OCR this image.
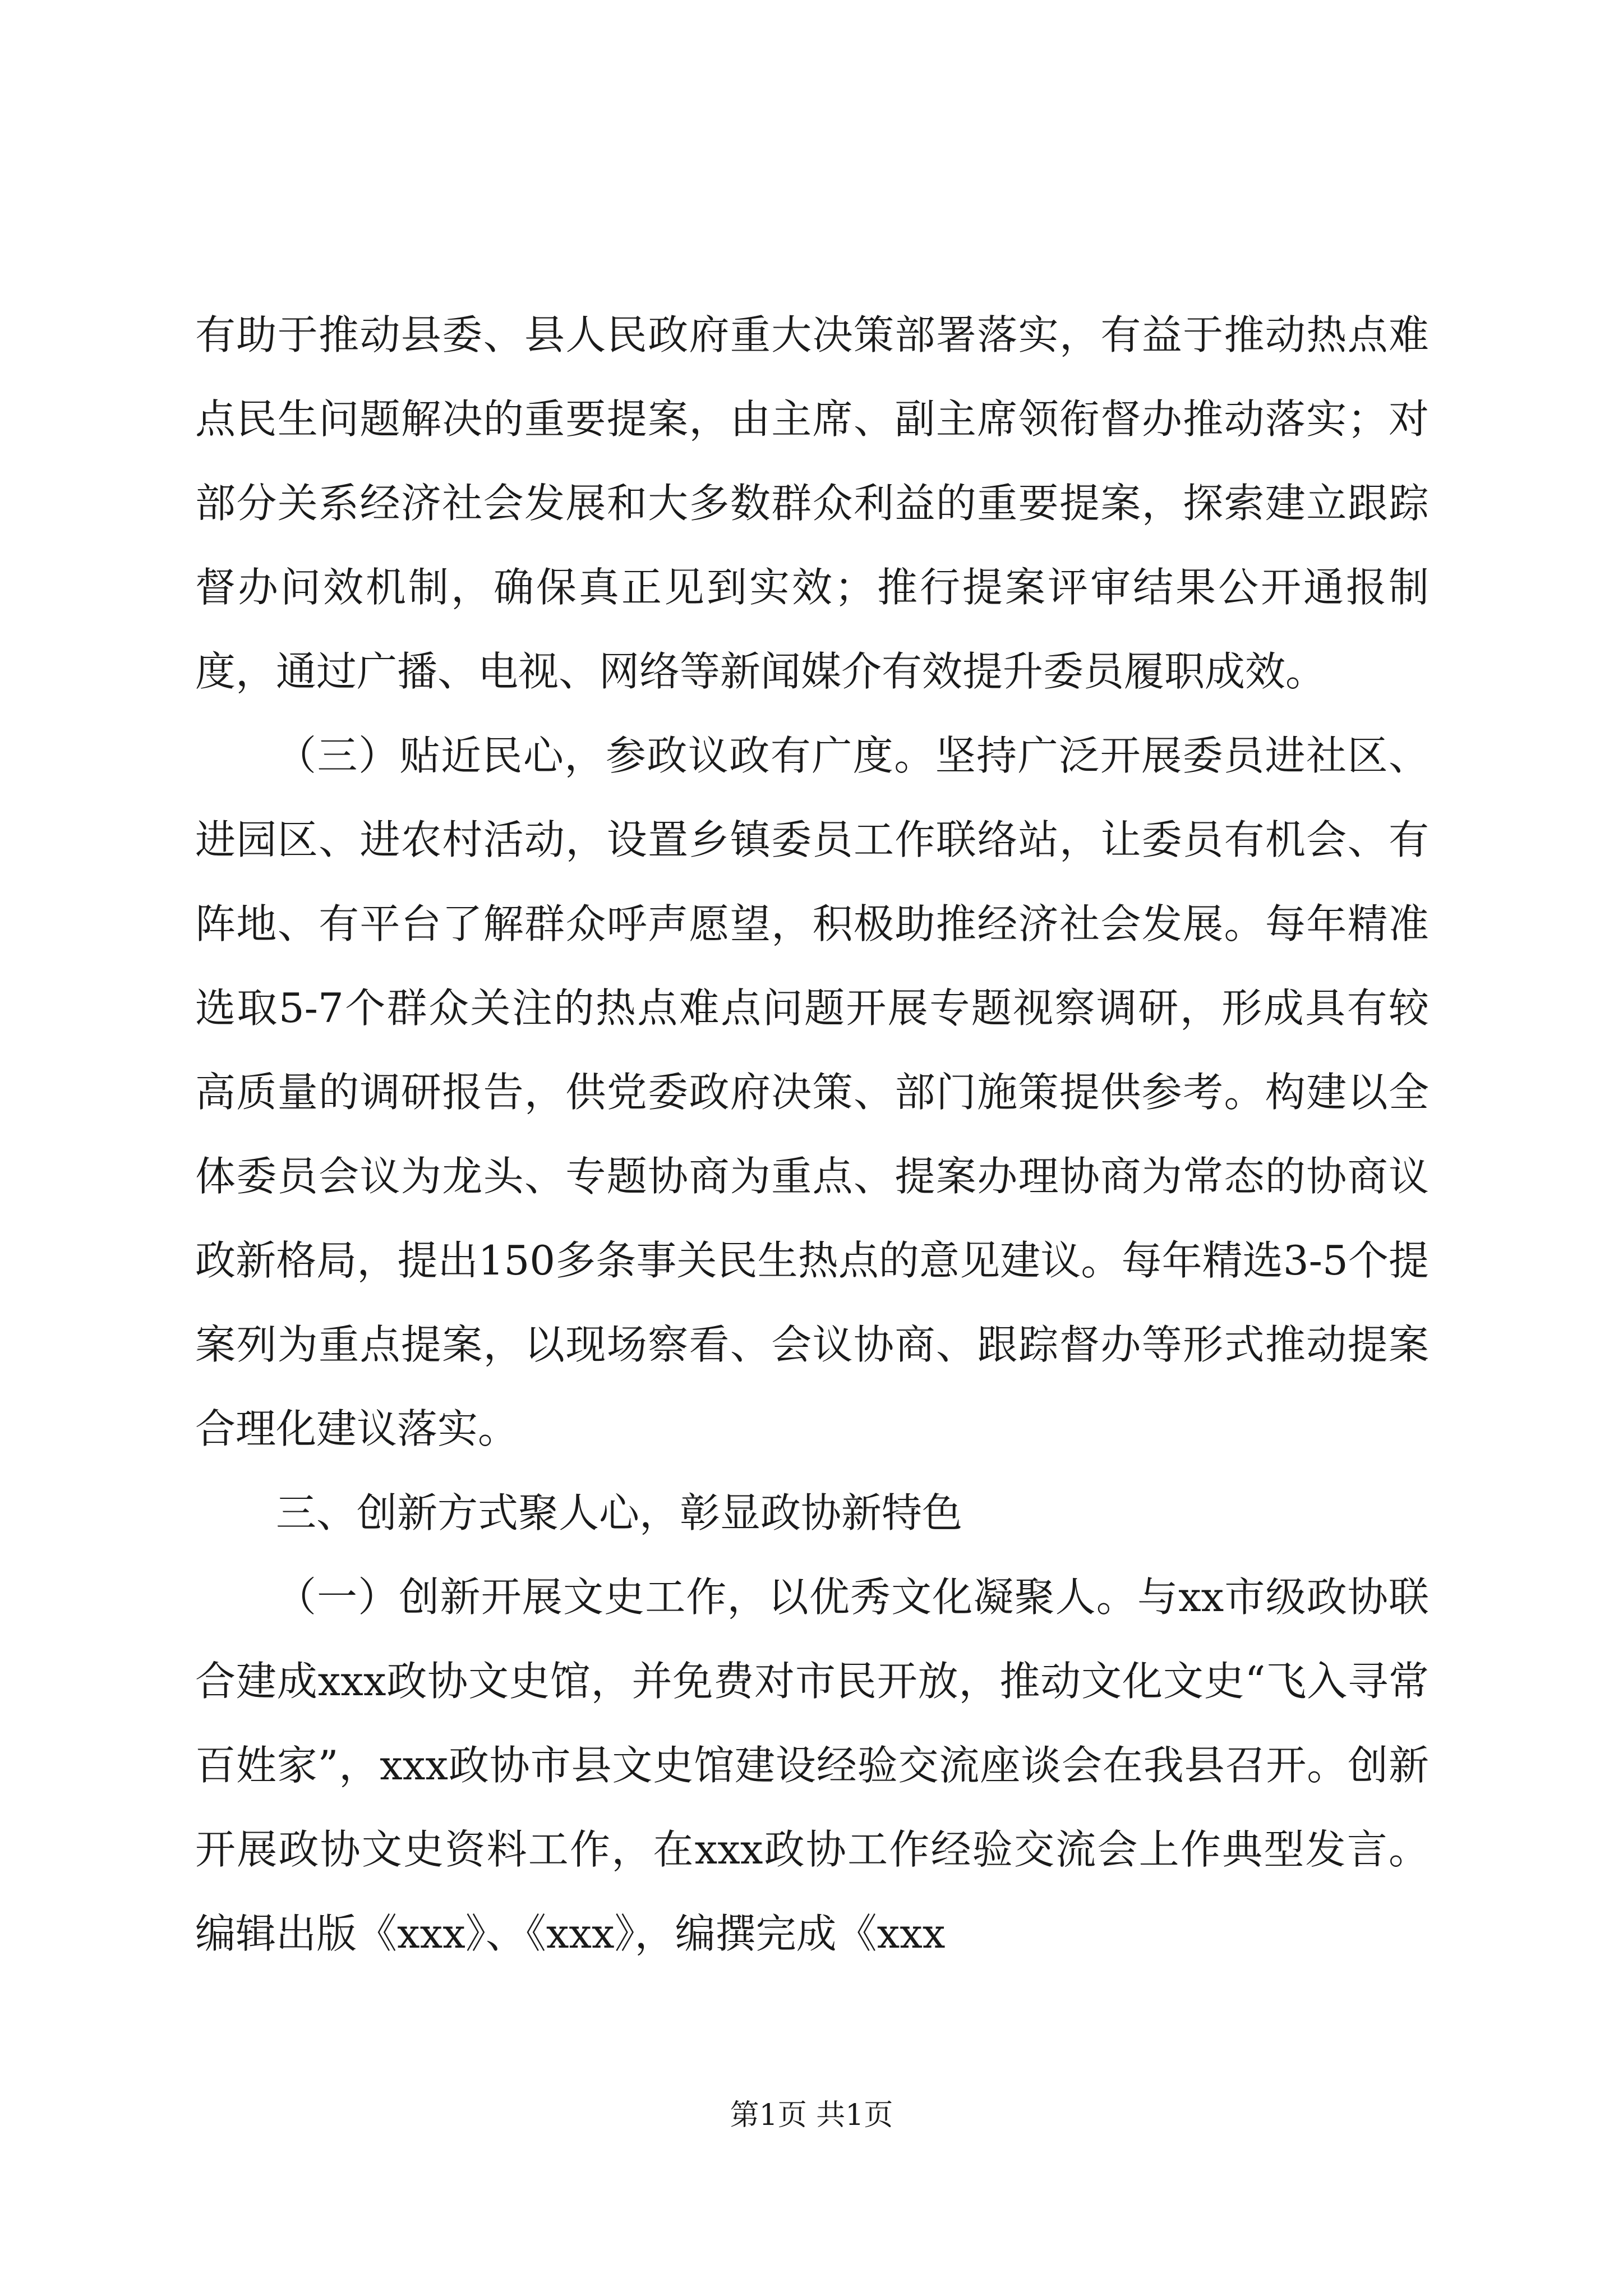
有助于推动县委、县人民政府重大决策部署落实，有益于推动热点难点民生问题解决的重要提案，由主席、副主席领衔督办推动落实；对部分关系经济社会发展和大多数群众利益的重要提案，探索建立跟踪督办问效机制，确保真正见到实效；推行提案评审结果公开通报制度，通过广播、电视、网络等新闻媒介有效提升委员履职成效。

（三）贴近民心，参政议政有广度。坚持广泛开展委员进社区、进园区、进农村活动，设置乡镇委员工作联络站，让委员有机会、有阵地、有平台了解群众呼声愿望，积极助推经济社会发展。每年精准选取5-7个群众关注的热点难点问题开展专题视察调研，形成具有较高质量的调研报告，供党委政府决策、部门施策提供参考。构建以全体委员会议为龙头、专题协商为重点、提案办理协商为常态的协商议政新格局，提出150多条事关民生热点的意见建议。每年精选3-5个提案列为重点提案，以现场察看、会议协商、跟踪督办等形式推动提案合理化建议落实。

三、创新方式聚人心，彰显政协新特色

（一）创新开展文史工作，以优秀文化凝聚人。与xx市级政协联合建成xxx政协文史馆，并免费对市民开放，推动文化文史“飞入寻常百姓家”，xxx政协市县文史馆建设经验交流座谈会在我县召开。创新开展政协文史资料工作，在xxx政协工作经验交流会上作典型发言。编辑出版《xxx》、《xxx》，编撰完成《xxx

第1页 共1页
